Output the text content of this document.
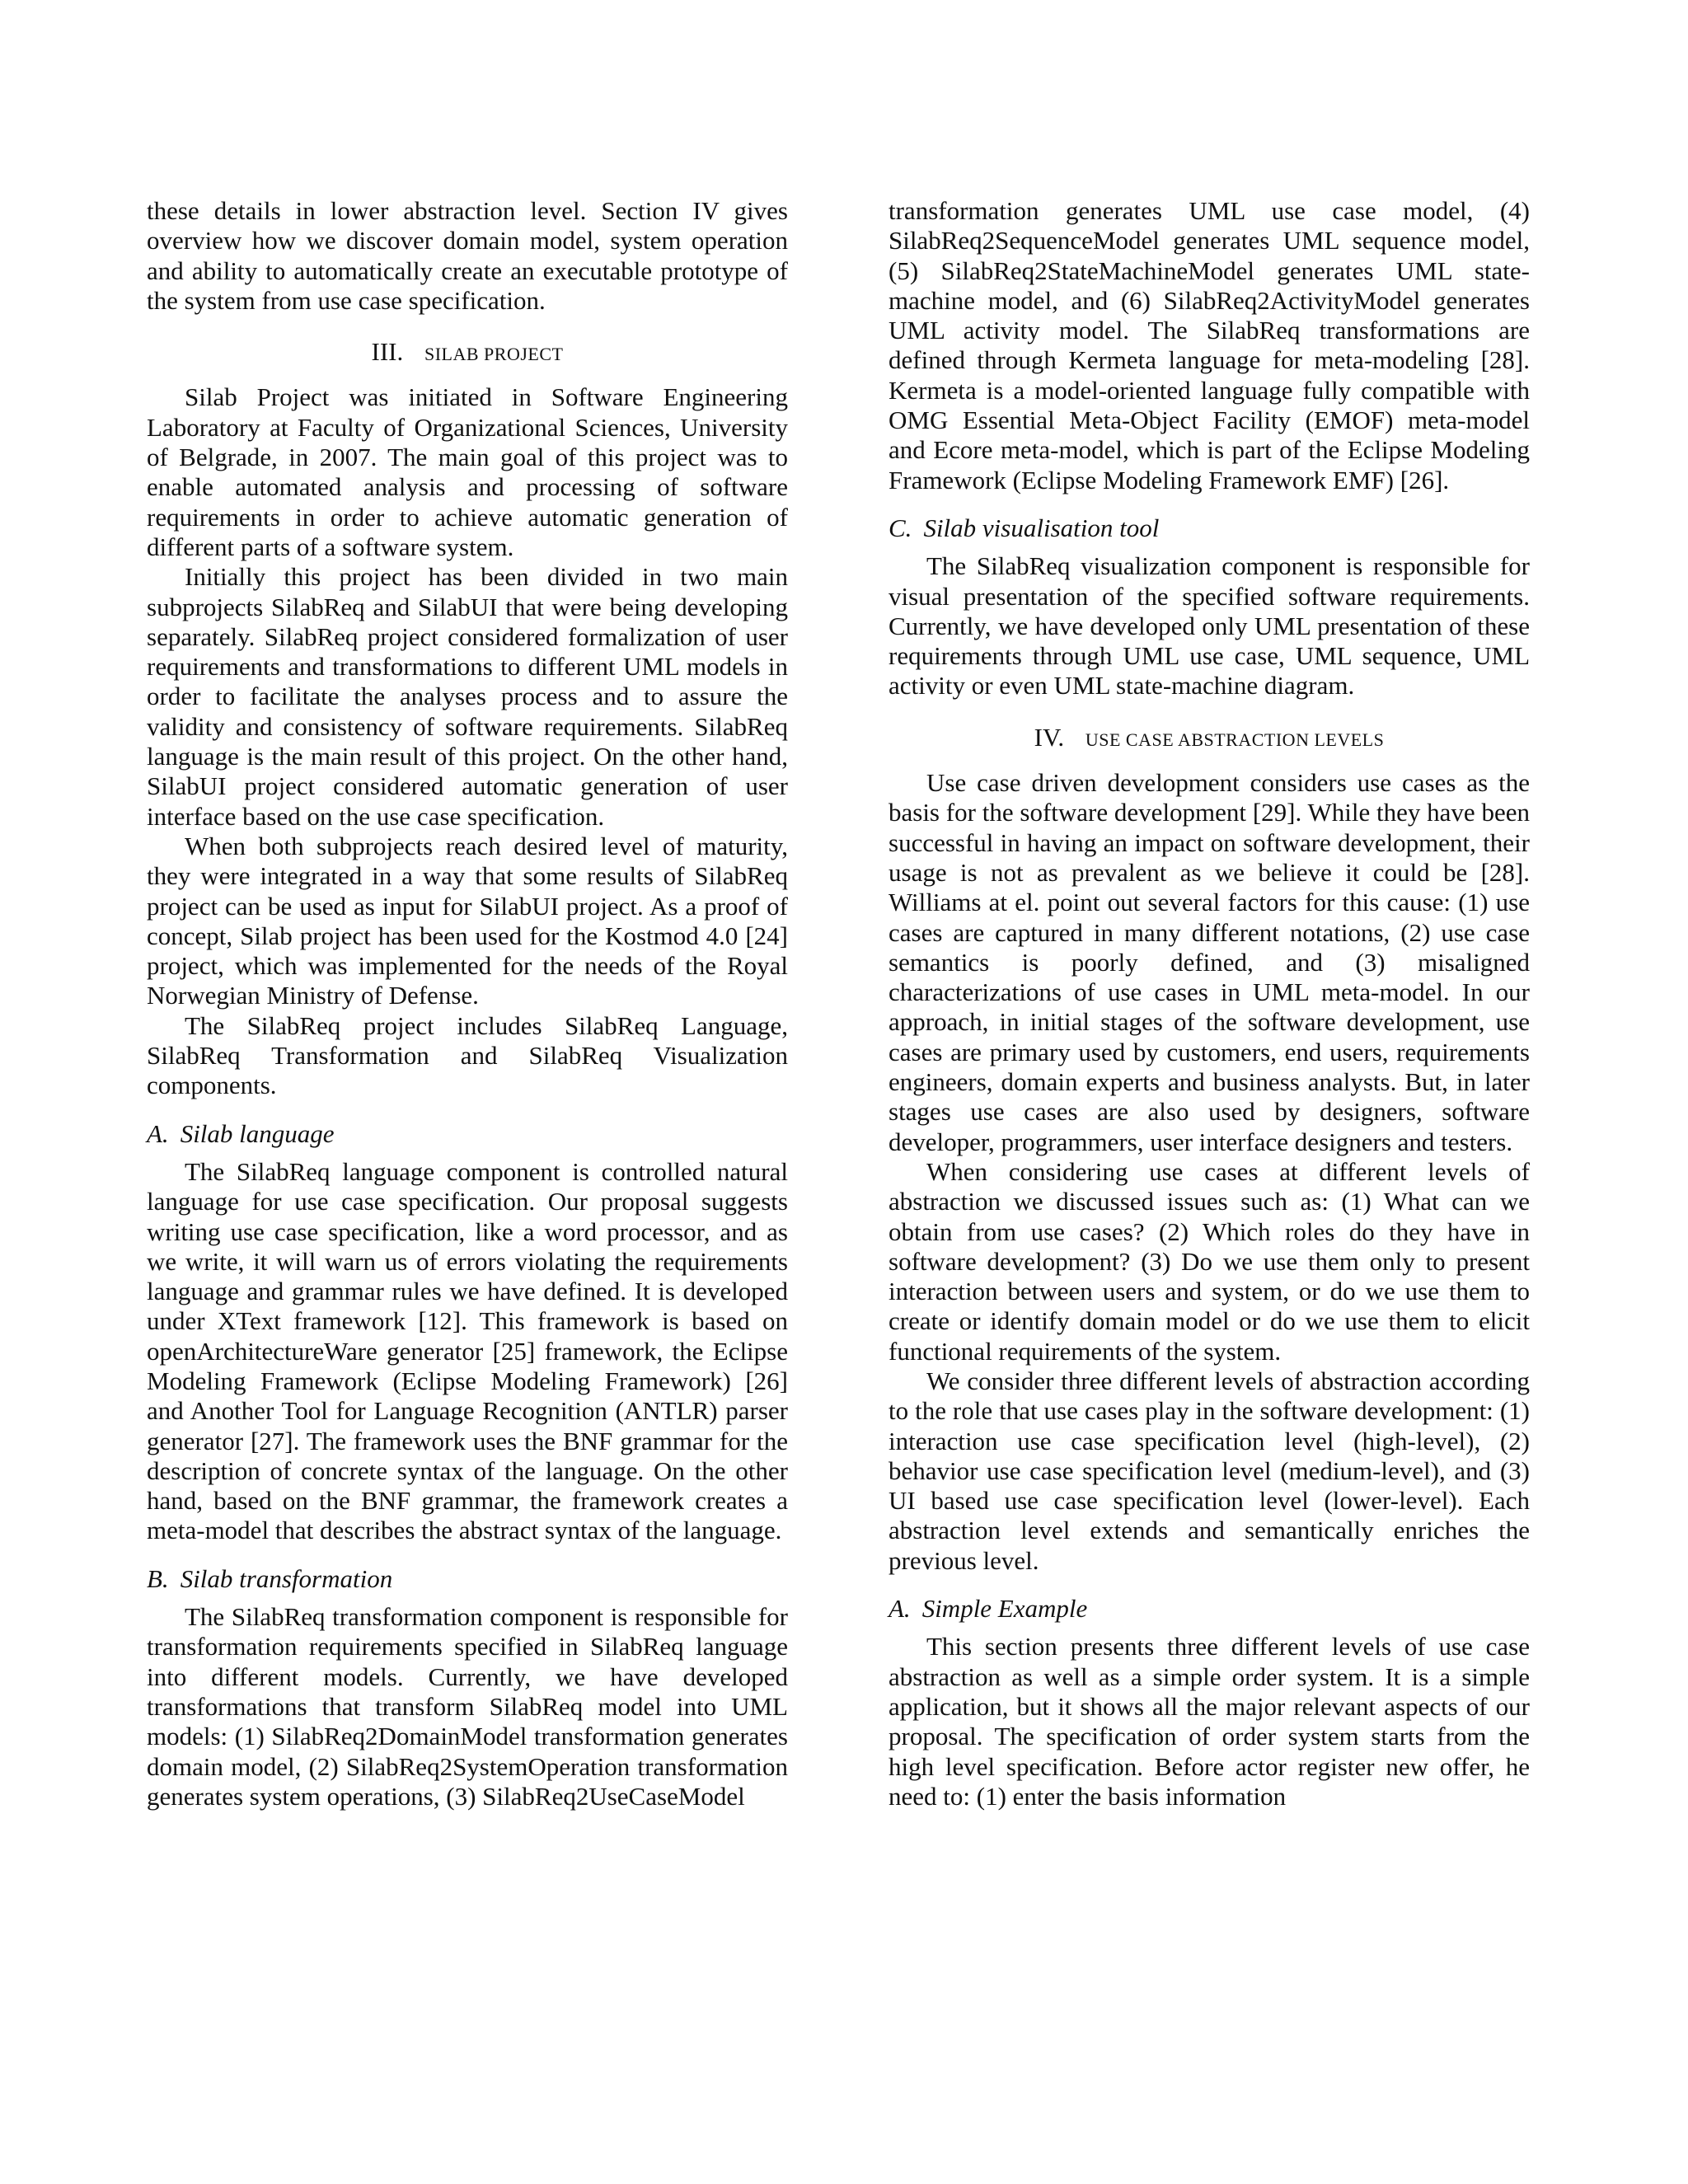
these details in lower abstraction level. Section IV gives overview how we discover domain model, system operation and ability to automatically create an executable prototype of the system from use case specification.

III. SILAB PROJECT

Silab Project was initiated in Software Engineering Laboratory at Faculty of Organizational Sciences, University of Belgrade, in 2007. The main goal of this project was to enable automated analysis and processing of software requirements in order to achieve automatic generation of different parts of a software system.

Initially this project has been divided in two main subprojects SilabReq and SilabUI that were being developing separately. SilabReq project considered formalization of user requirements and transformations to different UML models in order to facilitate the analyses process and to assure the validity and consistency of software requirements. SilabReq language is the main result of this project. On the other hand, SilabUI project considered automatic generation of user interface based on the use case specification.

When both subprojects reach desired level of maturity, they were integrated in a way that some results of SilabReq project can be used as input for SilabUI project. As a proof of concept, Silab project has been used for the Kostmod 4.0 [24] project, which was implemented for the needs of the Royal Norwegian Ministry of Defense.

The SilabReq project includes SilabReq Language, SilabReq Transformation and SilabReq Visualization components.

A. Silab language

The SilabReq language component is controlled natural language for use case specification. Our proposal suggests writing use case specification, like a word processor, and as we write, it will warn us of errors violating the requirements language and grammar rules we have defined. It is developed under XText framework [12]. This framework is based on openArchitectureWare generator [25] framework, the Eclipse Modeling Framework (Eclipse Modeling Framework) [26] and Another Tool for Language Recognition (ANTLR) parser generator [27]. The framework uses the BNF grammar for the description of concrete syntax of the language. On the other hand, based on the BNF grammar, the framework creates a meta-model that describes the abstract syntax of the language.

B. Silab transformation

The SilabReq transformation component is responsible for transformation requirements specified in SilabReq language into different models. Currently, we have developed transformations that transform SilabReq model into UML models: (1) SilabReq2DomainModel transformation generates domain model, (2) SilabReq2SystemOperation transformation generates system operations, (3) SilabReq2UseCaseModel

transformation generates UML use case model, (4) SilabReq2SequenceModel generates UML sequence model, (5) SilabReq2StateMachineModel generates UML state-machine model, and (6) SilabReq2ActivityModel generates UML activity model. The SilabReq transformations are defined through Kermeta language for meta-modeling [28]. Kermeta is a model-oriented language fully compatible with OMG Essential Meta-Object Facility (EMOF) meta-model and Ecore meta-model, which is part of the Eclipse Modeling Framework (Eclipse Modeling Framework EMF) [26].

C. Silab visualisation tool

The SilabReq visualization component is responsible for visual presentation of the specified software requirements. Currently, we have developed only UML presentation of these requirements through UML use case, UML sequence, UML activity or even UML state-machine diagram.

IV. USE CASE ABSTRACTION LEVELS

Use case driven development considers use cases as the basis for the software development [29]. While they have been successful in having an impact on software development, their usage is not as prevalent as we believe it could be [28]. Williams at el. point out several factors for this cause: (1) use cases are captured in many different notations, (2) use case semantics is poorly defined, and (3) misaligned characterizations of use cases in UML meta-model. In our approach, in initial stages of the software development, use cases are primary used by customers, end users, requirements engineers, domain experts and business analysts. But, in later stages use cases are also used by designers, software developer, programmers, user interface designers and testers.

When considering use cases at different levels of abstraction we discussed issues such as: (1) What can we obtain from use cases? (2) Which roles do they have in software development? (3) Do we use them only to present interaction between users and system, or do we use them to create or identify domain model or do we use them to elicit functional requirements of the system.

We consider three different levels of abstraction according to the role that use cases play in the software development: (1) interaction use case specification level (high-level), (2) behavior use case specification level (medium-level), and (3) UI based use case specification level (lower-level). Each abstraction level extends and semantically enriches the previous level.

A. Simple Example

This section presents three different levels of use case abstraction as well as a simple order system. It is a simple application, but it shows all the major relevant aspects of our proposal. The specification of order system starts from the high level specification. Before actor register new offer, he need to: (1) enter the basis information
